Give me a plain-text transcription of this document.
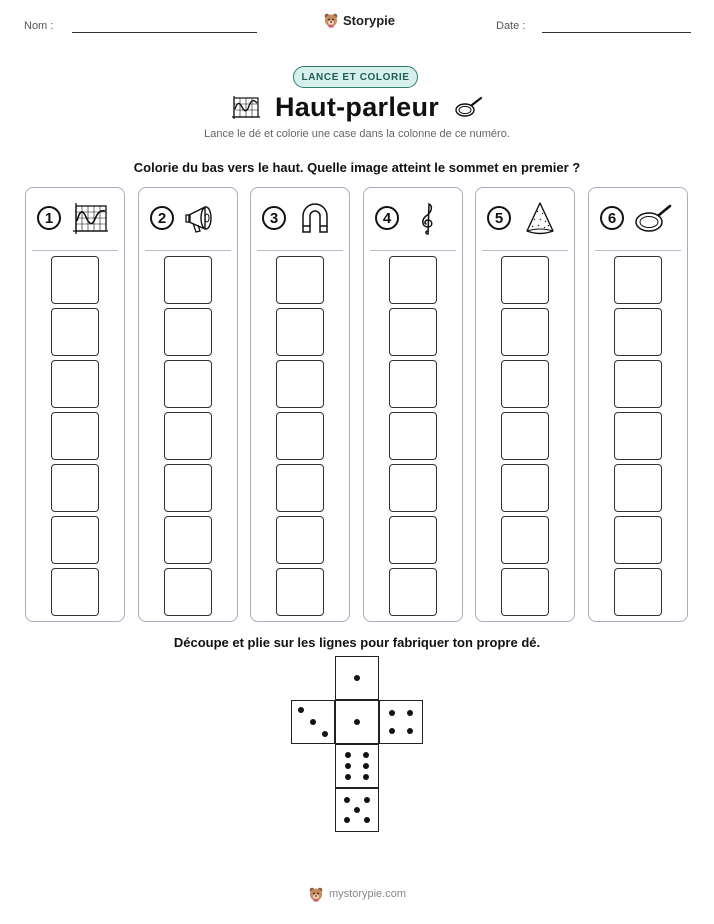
Nom :	Storypie	Date :
LANCE ET COLORIE
Haut-parleur
Lance le dé et colorie une case dans la colonne de ce numéro.
Colorie du bas vers le haut. Quelle image atteint le sommet en premier ?
1	2	3	4	5	6
Découpe et plie sur les lignes pour fabriquer ton propre dé.
mystorypie.com
